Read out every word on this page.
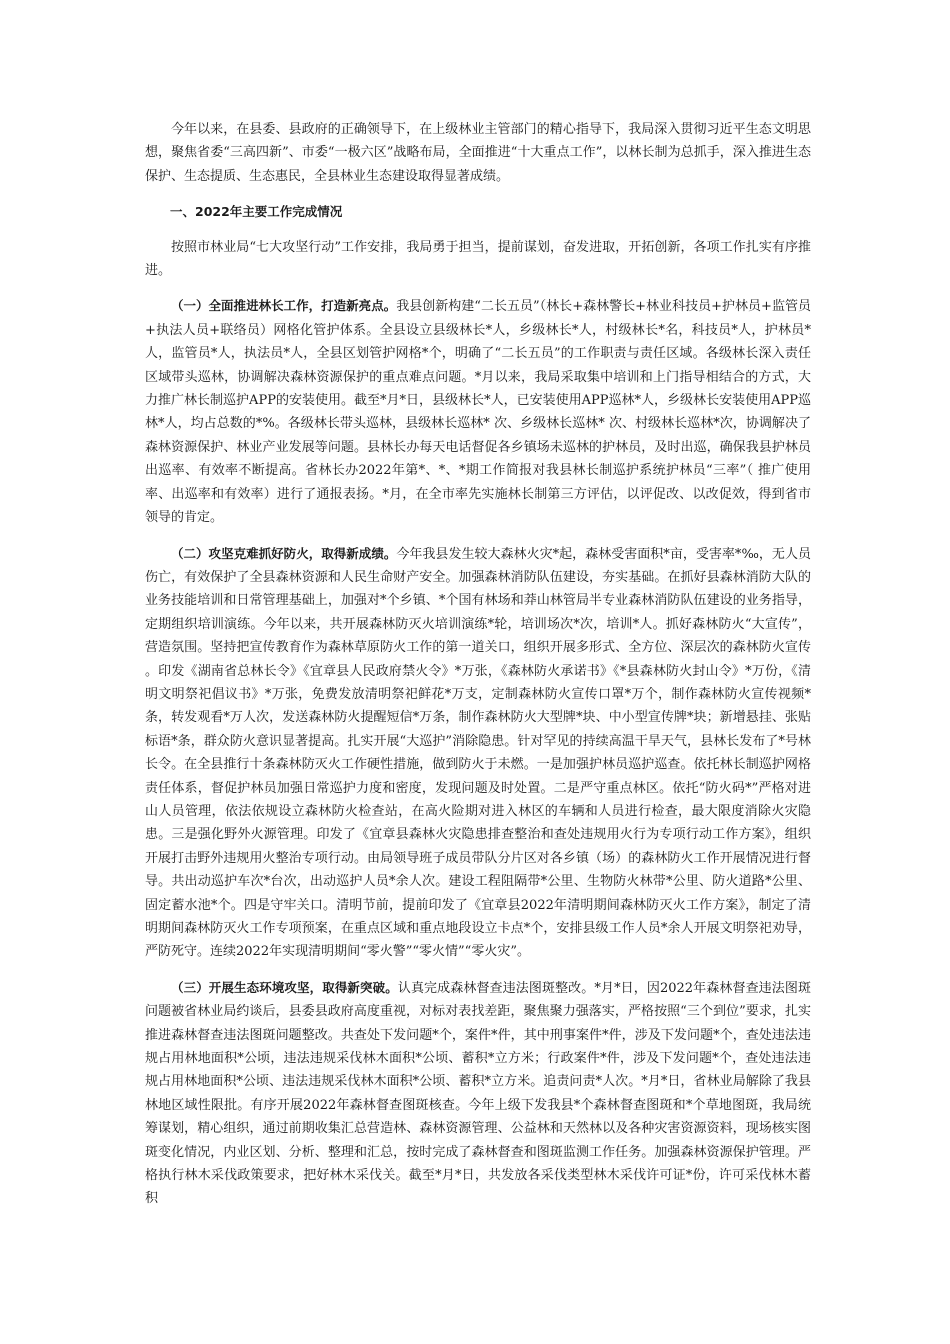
今年以来，在县委、县政府的正确领导下，在上级林业主管部门的精心指导下，我局深入贯彻习近平生态文明思想，聚焦省委“三高四新”、市委“一极六区”战略布局，全面推进“十大重点工作”，以林长制为总抓手，深入推进生态保护、生态提质、生态惠民，全县林业生态建设取得显著成绩。

一、2022年主要工作完成情况

按照市林业局“七大攻坚行动”工作安排，我局勇于担当，提前谋划，奋发进取，开拓创新，各项工作扎实有序推进。

（一）全面推进林长工作，打造新亮点。我县创新构建“二长五员”（林长+森林警长+林业科技员+护林员+监管员+执法人员+联络员）网格化管护体系。全县设立县级林长*人，乡级林长*人，村级林长*名，科技员*人，护林员*人，监管员*人，执法员*人，全县区划管护网格*个，明确了“二长五员”的工作职责与责任区域。各级林长深入责任区域带头巡林，协调解决森林资源保护的重点难点问题。*月以来，我局采取集中培训和上门指导相结合的方式，大力推广林长制巡护APP的安装使用。截至*月*日，县级林长*人，已安装使用APP巡林*人，乡级林长安装使用APP巡林*人，均占总数的*%。各级林长带头巡林，县级林长巡林* 次、乡级林长巡林* 次、村级林长巡林*次，协调解决了森林资源保护、林业产业发展等问题。县林长办每天电话督促各乡镇场未巡林的护林员，及时出巡，确保我县护林员出巡率、有效率不断提高。省林长办2022年第*、*、*期工作简报对我县林长制巡护系统护林员“三率”（ 推广使用率、出巡率和有效率）进行了通报表扬。*月，在全市率先实施林长制第三方评估，以评促改、以改促效，得到省市领导的肯定。

（二）攻坚克难抓好防火，取得新成绩。今年我县发生较大森林火灾*起，森林受害面积*亩，受害率*‰，无人员伤亡，有效保护了全县森林资源和人民生命财产安全。加强森林消防队伍建设，夯实基础。在抓好县森林消防大队的业务技能培训和日常管理基础上，加强对*个乡镇、*个国有林场和莽山林管局半专业森林消防队伍建设的业务指导，定期组织培训演练。今年以来，共开展森林防灭火培训演练*轮，培训场次*次，培训*人。抓好森林防火“大宣传”，营造氛围。坚持把宣传教育作为森林草原防火工作的第一道关口，组织开展多形式、全方位、深层次的森林防火宣传 。印发《湖南省总林长令》《宜章县人民政府禁火令》*万张，《森林防火承诺书》《*县森林防火封山令》*万份，《清明文明祭祀倡议书》*万张，免费发放清明祭祀鲜花*万支，定制森林防火宣传口罩*万个，制作森林防火宣传视频*条，转发观看*万人次，发送森林防火提醒短信*万条，制作森林防火大型牌*块、中小型宣传牌*块；新增悬挂、张贴标语*条，群众防火意识显著提高。扎实开展“大巡护”消除隐患。针对罕见的持续高温干旱天气，县林长发布了*号林长令。在全县推行十条森林防灭火工作硬性措施，做到防火于未燃。一是加强护林员巡护巡查。依托林长制巡护网格责任体系，督促护林员加强日常巡护力度和密度，发现问题及时处置。二是严守重点林区。依托“防火码*”严格对进山人员管理，依法依规设立森林防火检查站，在高火险期对进入林区的车辆和人员进行检查，最大限度消除火灾隐患。三是强化野外火源管理。印发了《宜章县森林火灾隐患排查整治和查处违规用火行为专项行动工作方案》，组织开展打击野外违规用火整治专项行动。由局领导班子成员带队分片区对各乡镇（场）的森林防火工作开展情况进行督导。共出动巡护车次*台次，出动巡护人员*余人次。建设工程阻隔带*公里、生物防火林带*公里、防火道路*公里、固定蓄水池*个。四是守牢关口。清明节前，提前印发了《宜章县2022年清明期间森林防灭火工作方案》，制定了清明期间森林防灭火工作专项预案，在重点区域和重点地段设立卡点*个，安排县级工作人员*余人开展文明祭祀劝导，严防死守。连续2022年实现清明期间“零火警”“零火情”“零火灾”。

（三）开展生态环境攻坚，取得新突破。认真完成森林督查违法图斑整改。*月*日，因2022年森林督查违法图斑问题被省林业局约谈后，县委县政府高度重视，对标对表找差距，聚焦聚力强落实，严格按照“三个到位”要求，扎实推进森林督查违法图斑问题整改。共查处下发问题*个，案件*件，其中刑事案件*件，涉及下发问题*个，查处违法违规占用林地面积*公顷，违法违规采伐林木面积*公顷、蓄积*立方米；行政案件*件，涉及下发问题*个，查处违法违规占用林地面积*公顷、违法违规采伐林木面积*公顷、蓄积*立方米。追责问责*人次。*月*日，省林业局解除了我县林地区域性限批。有序开展2022年森林督查图斑核查。今年上级下发我县*个森林督查图斑和*个草地图斑，我局统筹谋划，精心组织，通过前期收集汇总营造林、森林资源管理、公益林和天然林以及各种灾害资源资料，现场核实图斑变化情况，内业区划、分析、整理和汇总，按时完成了森林督查和图斑监测工作任务。加强森林资源保护管理。严格执行林木采伐政策要求，把好林木采伐关。截至*月*日，共发放各采伐类型林木采伐许可证*份，许可采伐林木蓄积
